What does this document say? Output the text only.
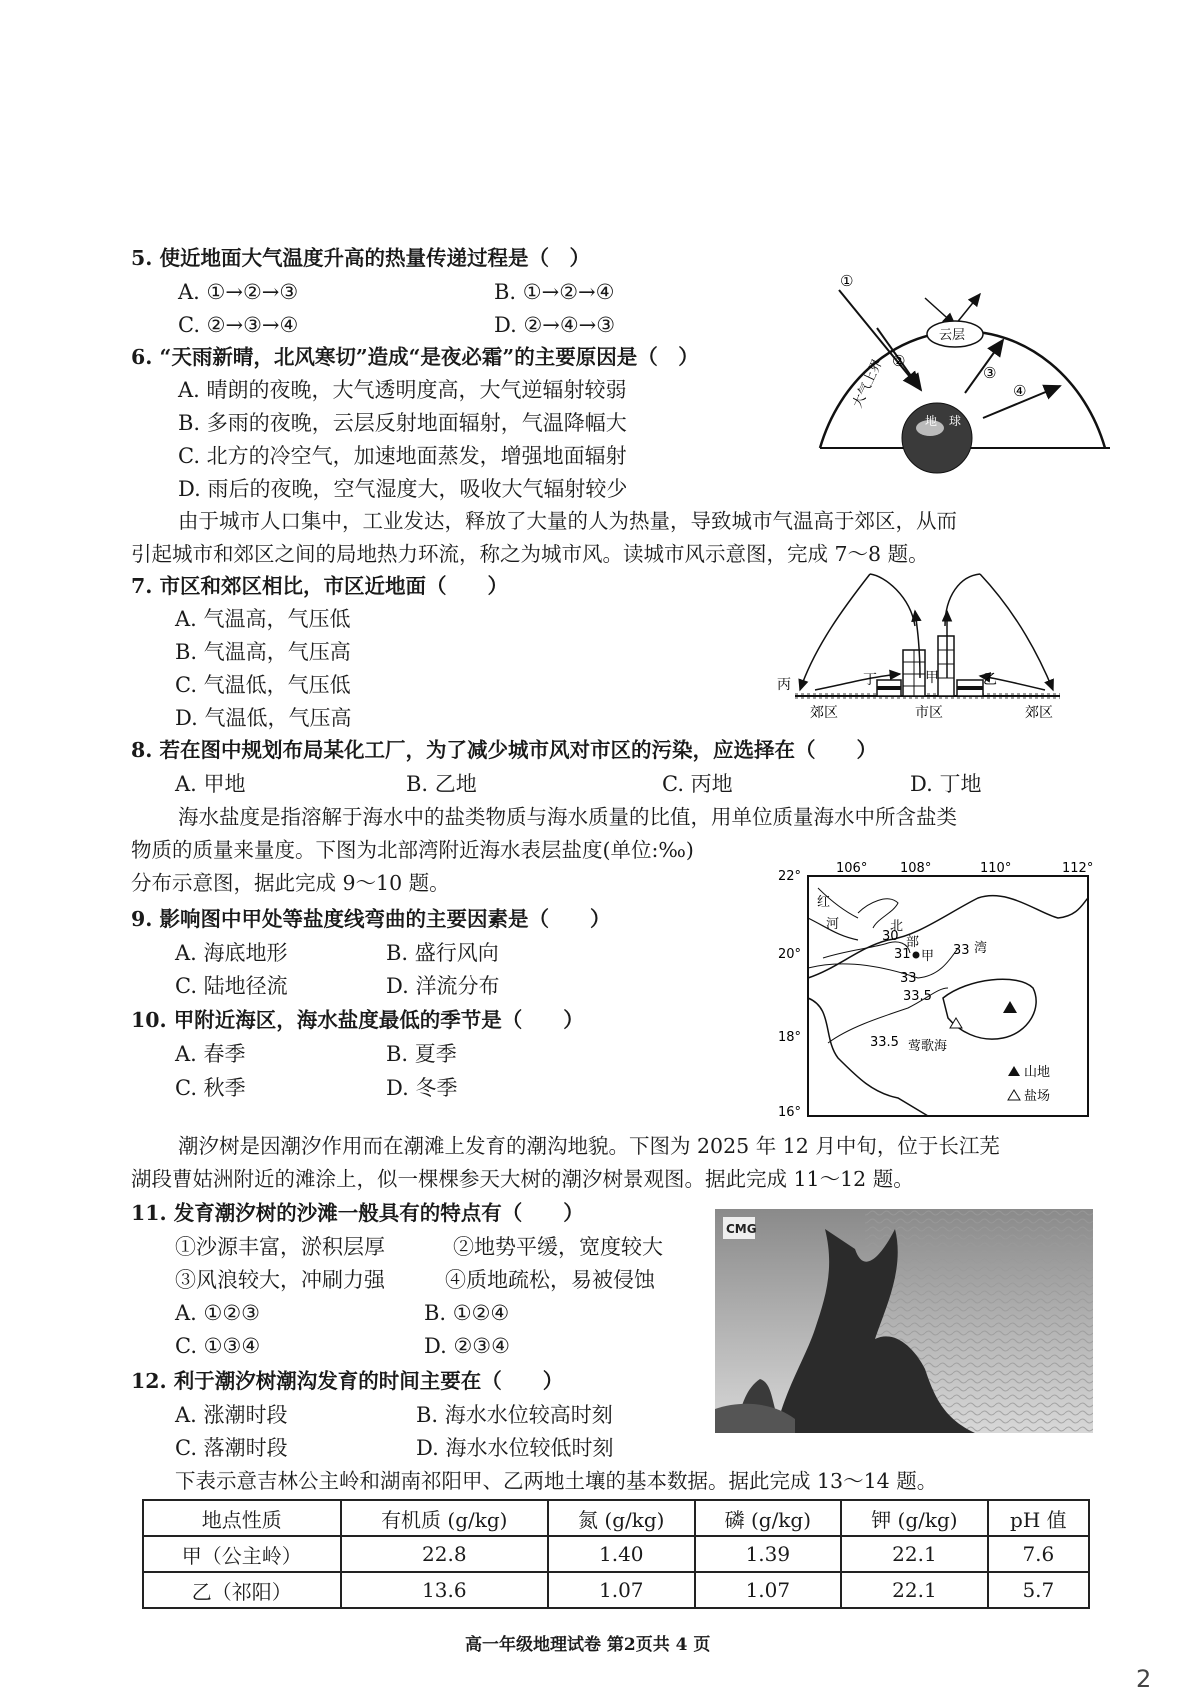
5. 使近地面大气温度升高的热量传递过程是（　）
A. ①→②→③	B. ①→②→④
C. ②→③→④	D. ②→④→③
6. “天雨新晴，北风寒切”造成“是夜必霜”的主要原因是（　）
A. 晴朗的夜晚，大气透明度高，大气逆辐射较弱
B. 多雨的夜晚，云层反射地面辐射，气温降幅大
C. 北方的冷空气，加速地面蒸发，增强地面辐射
D. 雨后的夜晚，空气湿度大，吸收大气辐射较少
大气上界
①
②
③
④
云层
地　球
由于城市人口集中，工业发达，释放了大量的人为热量，导致城市气温高于郊区，从而
引起城市和郊区之间的局地热力环流，称之为城市风。读城市风示意图，完成 7～8 题。
7. 市区和郊区相比，市区近地面（　　）
A. 气温高，气压低
B. 气温高，气压高
C. 气温低，气压低
D. 气温低，气压高
丙	丁	甲	乙
郊区	市区	郊区
8. 若在图中规划布局某化工厂，为了减少城市风对市区的污染，应选择在（　　）
A. 甲地	B. 乙地	C. 丙地	D. 丁地
海水盐度是指溶解于海水中的盐类物质与海水质量的比值，用单位质量海水中所含盐类
物质的质量来量度。下图为北部湾附近海水表层盐度(单位:‰)
分布示意图，据此完成 9～10 题。
9. 影响图中甲处等盐度线弯曲的主要因素是（　　）
A. 海底地形	B. 盛行风向
C. 陆地径流	D. 洋流分布
10. 甲附近海区，海水盐度最低的季节是（　　）
A. 春季	B. 夏季
C. 秋季	D. 冬季
106°	108°	110°	112°
22°
20°
18°
16°
红
河
30
北
31
部
甲 33 湾
33
33.5
33.5 莺歌海
山地
盐场
潮汐树是因潮汐作用而在潮滩上发育的潮沟地貌。下图为 2025 年 12 月中旬，位于长江芜
湖段曹姑洲附近的滩涂上，似一棵棵参天大树的潮汐树景观图。据此完成 11～12 题。
11. 发育潮汐树的沙滩一般具有的特点有（　　）
①沙源丰富，淤积层厚	②地势平缓，宽度较大
③风浪较大，冲刷力强	④质地疏松，易被侵蚀
A. ①②③	B. ①②④
C. ①③④	D. ②③④
CMG
12. 利于潮汐树潮沟发育的时间主要在（　　）
A. 涨潮时段	B. 海水水位较高时刻
C. 落潮时段	D. 海水水位较低时刻
下表示意吉林公主岭和湖南祁阳甲、乙两地土壤的基本数据。据此完成 13～14 题。
地点性质	有机质 (g/kg)	氮 (g/kg)	磷 (g/kg)	钾 (g/kg)	pH 值
甲（公主岭）	22.8	1.40	1.39	22.1	7.6
乙（祁阳）	13.6	1.07	1.07	22.1	5.7
高一年级地理试卷 第2页共 4 页
2
